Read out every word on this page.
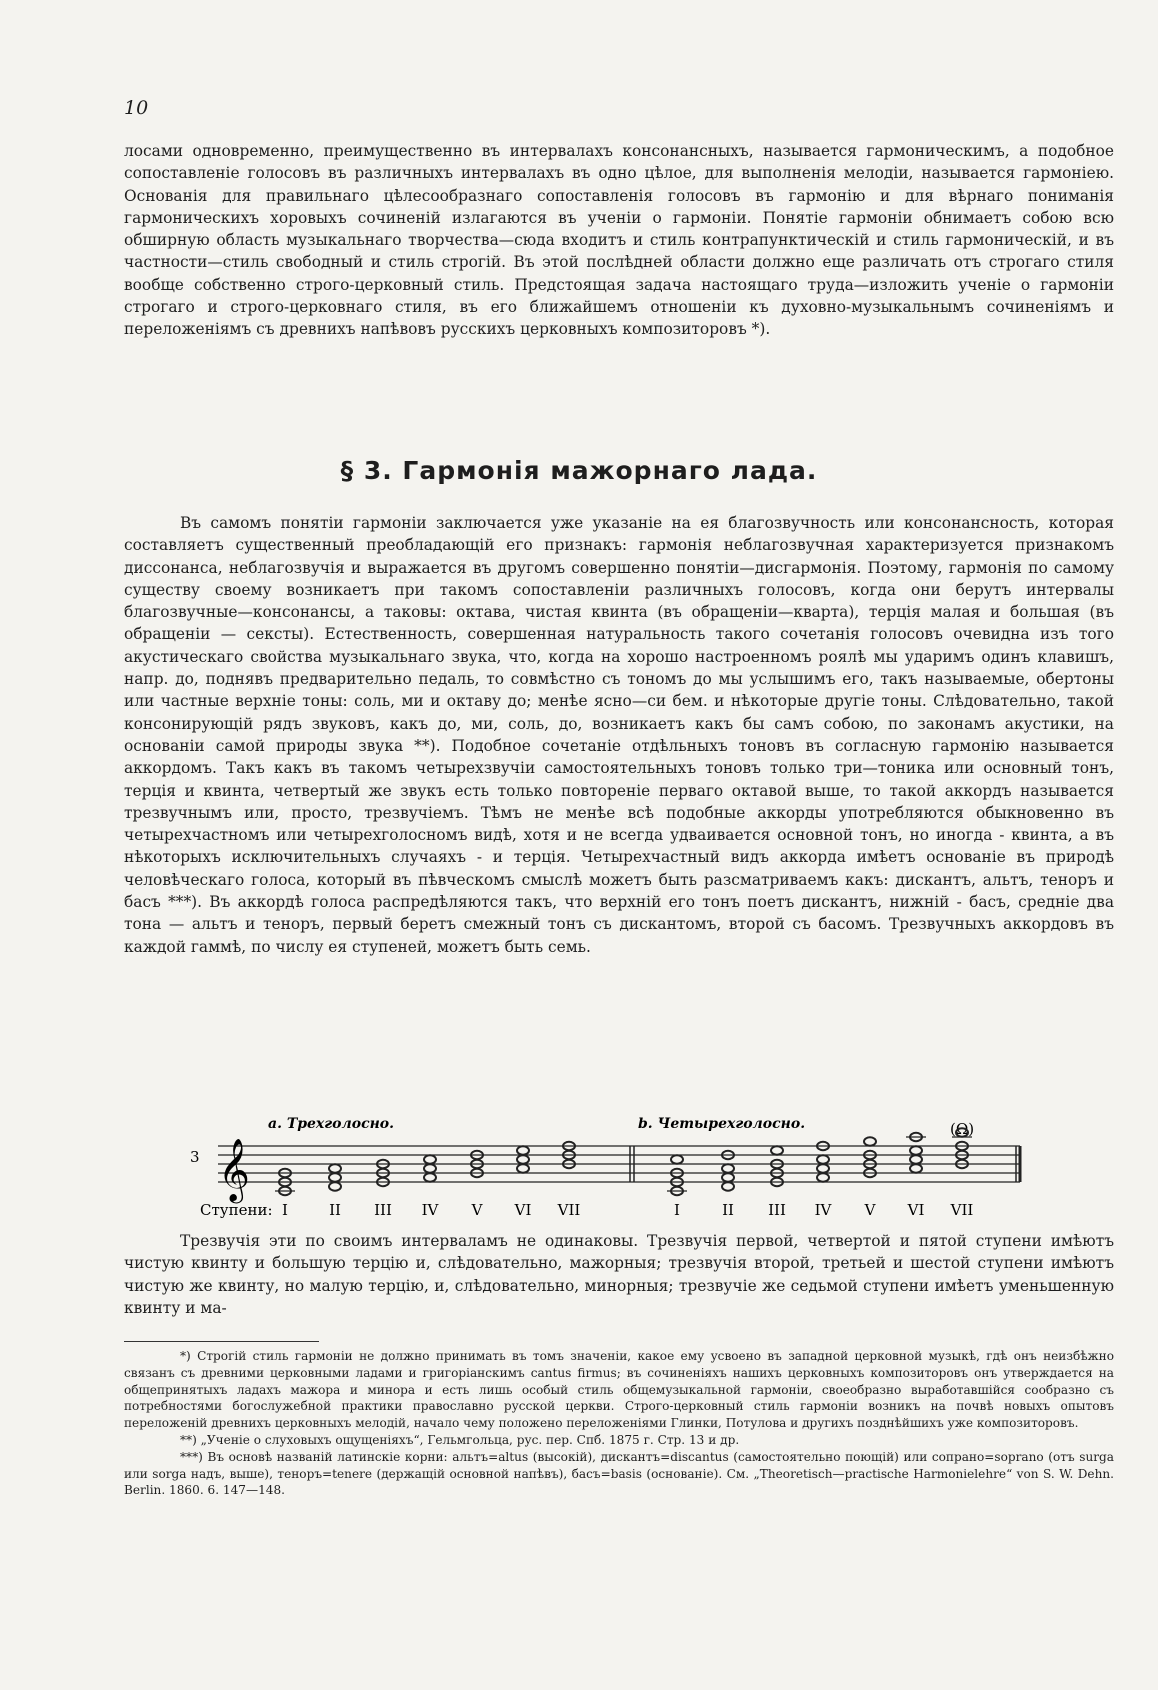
10

лосами одновременно, преимущественно въ интервалахъ консонансныхъ, называется гармоническимъ, а подобное сопоставленіе голосовъ въ различныхъ интервалахъ въ одно цѣлое, для выполненія мелодіи, называется гармоніею. Основанія для правильнаго цѣлесообразнаго сопоставленія голосовъ въ гармонію и для вѣрнаго пониманія гармоническихъ хоровыхъ сочиненій излагаются въ ученіи о гармоніи. Понятіе гармоніи обнимаетъ собою всю обширную область музыкальнаго творчества—сюда входитъ и стиль контрапунктическій и стиль гармоническій, и въ частности—стиль свободный и стиль строгій. Въ этой послѣдней области должно еще различать отъ строгаго стиля вообще собственно строго-церковный стиль. Предстоящая задача настоящаго труда—изложить ученіе о гармоніи строгаго и строго-церковнаго стиля, въ его ближайшемъ отношеніи къ духовно-музыкальнымъ сочиненіямъ и переложеніямъ съ древнихъ напѣвовъ русскихъ церковныхъ композиторовъ *).

§ 3. Гармонія мажорнаго лада.

Въ самомъ понятіи гармоніи заключается уже указаніе на ея благозвучность или консонансность, которая составляетъ существенный преобладающій его признакъ: гармонія неблагозвучная характеризуется признакомъ диссонанса, неблагозвучія и выражается въ другомъ совершенно понятіи—дисгармонія. Поэтому, гармонія по самому существу своему возникаетъ при такомъ сопоставленіи различныхъ голосовъ, когда они берутъ интервалы благозвучные—консонансы, а таковы: октава, чистая квинта (въ обращеніи—кварта), терція малая и большая (въ обращеніи — сексты). Естественность, совершенная натуральность такого сочетанія голосовъ очевидна изъ того акустическаго свойства музыкальнаго звука, что, когда на хорошо настроенномъ роялѣ мы ударимъ одинъ клавишъ, напр. до, поднявъ предварительно педаль, то совмѣстно съ тономъ до мы услышимъ его, такъ называемые, обертоны или частные верхніе тоны: соль, ми и октаву до; менѣе ясно—си бем. и нѣкоторые другіе тоны. Слѣдовательно, такой консонирующій рядъ звуковъ, какъ до, ми, соль, до, возникаетъ какъ бы самъ собою, по законамъ акустики, на основаніи самой природы звука **). Подобное сочетаніе отдѣльныхъ тоновъ въ согласную гармонію называется аккордомъ. Такъ какъ въ такомъ четырехзвучіи самостоятельныхъ тоновъ только три—тоника или основный тонъ, терція и квинта, четвертый же звукъ есть только повтореніе перваго октавой выше, то такой аккордъ называется трезвучнымъ или, просто, трезвучіемъ. Тѣмъ не менѣе всѣ подобные аккорды употребляются обыкновенно въ четырехчастномъ или четырехголосномъ видѣ, хотя и не всегда удваивается основной тонъ, но иногда - квинта, а въ нѣкоторыхъ исключительныхъ случаяхъ - и терція. Четырехчастный видъ аккорда имѣетъ основаніе въ природѣ человѣческаго голоса, который въ пѣвческомъ смыслѣ можетъ быть разсматриваемъ какъ: дискантъ, альтъ, теноръ и басъ ***). Въ аккордѣ голоса распредѣляются такъ, что верхній его тонъ поетъ дискантъ, нижній - басъ, средніе два тона — альтъ и теноръ, первый беретъ смежный тонъ съ дискантомъ, второй съ басомъ. Трезвучныхъ аккордовъ въ каждой гаммѣ, по числу ея ступеней, можетъ быть семь.

3
a. Трехголосно.	b. Четырехголосно.	(Ω)
𝄞
Ступени: I	II III IV V VI VII	I	II III IV V VI VII

Трезвучія эти по своимъ интерваламъ не одинаковы. Трезвучія первой, четвертой и пятой ступени имѣютъ чистую квинту и большую терцію и, слѣдовательно, мажорныя; трезвучія второй, третьей и шестой ступени имѣютъ чистую же квинту, но малую терцію, и, слѣдовательно, минорныя; трезвучіе же седьмой ступени имѣетъ уменьшенную квинту и ма-

*) Строгій стиль гармоніи не должно принимать въ томъ значеніи, какое ему усвоено въ западной церковной музыкѣ, гдѣ онъ неизбѣжно связанъ съ древними церковными ладами и григоріанскимъ cantus firmus; въ сочиненіяхъ нашихъ церковныхъ композиторовъ онъ утверждается на общепринятыхъ ладахъ мажора и минора и есть лишь особый стиль общемузыкальной гармоніи, своеобразно выработавшійся сообразно съ потребностями богослужебной практики православно русской церкви. Строго-церковный стиль гармоніи возникъ на почвѣ новыхъ опытовъ переложеній древнихъ церковныхъ мелодій, начало чему положено переложеніями Глинки, Потулова и другихъ позднѣйшихъ уже композиторовъ.

**) „Ученіе о слуховыхъ ощущеніяхъ“, Гельмгольца, рус. пер. Спб. 1875 г. Стр. 13 и др.

***) Въ основѣ названій латинскіе корни: альтъ=altus (высокій), дискантъ=discantus (самостоятельно поющій) или сопрано=soprano (отъ surga или sorga надъ, выше), теноръ=tenere (держащій основной напѣвъ), басъ=basis (основаніе). См. „Theoretisch—practische Harmonielehre“ von S. W. Dehn. Berlin. 1860. 6. 147—148.
